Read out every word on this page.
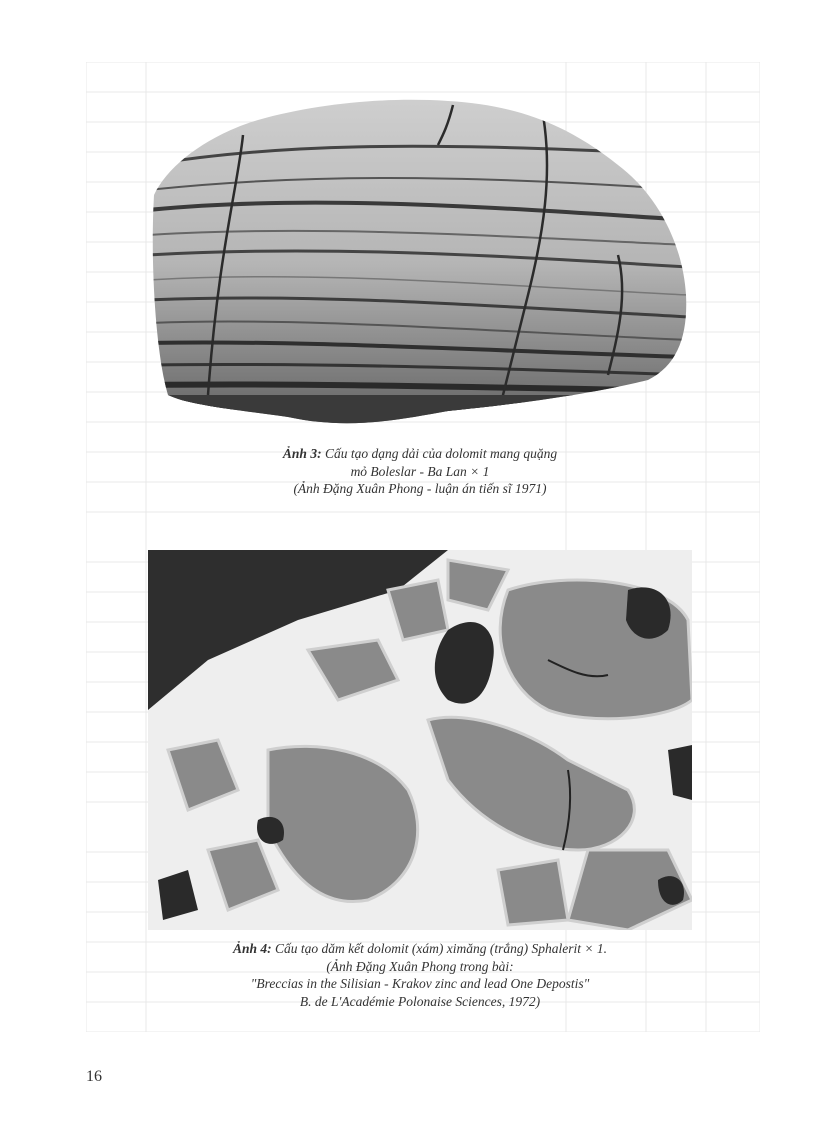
Ảnh 3: Cấu tạo dạng dải của dolomit mang quặng
mỏ Boleslar - Ba Lan × 1
(Ảnh Đặng Xuân Phong - luận án tiến sĩ 1971)
Ảnh 4: Cấu tạo dăm kết dolomit (xám) ximăng (trắng) Sphalerit × 1.
(Ảnh Đặng Xuân Phong trong bài:
"Breccias in the Silisian - Krakov zinc and lead One Depostis"
B. de L'Académie Polonaise Sciences, 1972)
16
